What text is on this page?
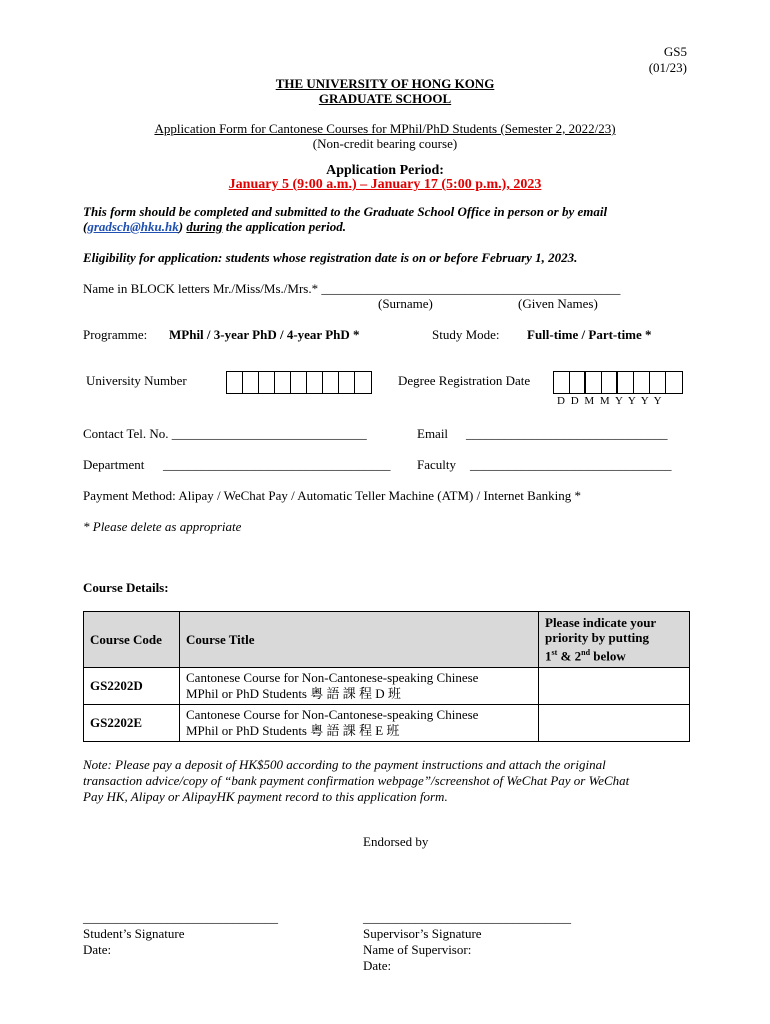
GS5
(01/23)
THE UNIVERSITY OF HONG KONG
GRADUATE SCHOOL
Application Form for Cantonese Courses for MPhil/PhD Students (Semester 2, 2022/23)
(Non-credit bearing course)
Application Period:
January 5 (9:00 a.m.) – January 17 (5:00 p.m.), 2023
This form should be completed and submitted to the Graduate School Office in person or by email
(gradsch@hku.hk) during the application period.
Eligibility for application: students whose registration date is on or before February 1, 2023.
Name in BLOCK letters Mr./Miss/Ms./Mrs.* ______________________________________________
(Surname)	(Given Names)
Programme: MPhil / 3-year PhD / 4-year PhD *	Study Mode: Full-time / Part-time *
University Number	Degree Registration Date
D D M M Y Y Y Y
Contact Tel. No. ______________________________	Email _______________________________
Department ___________________________________ Faculty _______________________________
Payment Method: Alipay / WeChat Pay / Automatic Teller Machine (ATM) / Internet Banking *
* Please delete as appropriate
Course Details:
Course Code	Course Title	Please indicate your
priority by putting
1st & 2nd below

GS2202D	Cantonese Course for Non-Cantonese-speaking Chinese
MPhil or PhD Students 粵 語 課 程 D 班	

GS2202E	Cantonese Course for Non-Cantonese-speaking Chinese
MPhil or PhD Students 粵 語 課 程 E 班	

Note: Please pay a deposit of HK$500 according to the payment instructions and attach the original
transaction advice/copy of “bank payment confirmation webpage”/screenshot of WeChat Pay or WeChat
Pay HK, Alipay or AlipayHK payment record to this application form.
Endorsed by
______________________________
Student’s Signature
Date:
________________________________
Supervisor’s Signature
Name of Supervisor:
Date:
